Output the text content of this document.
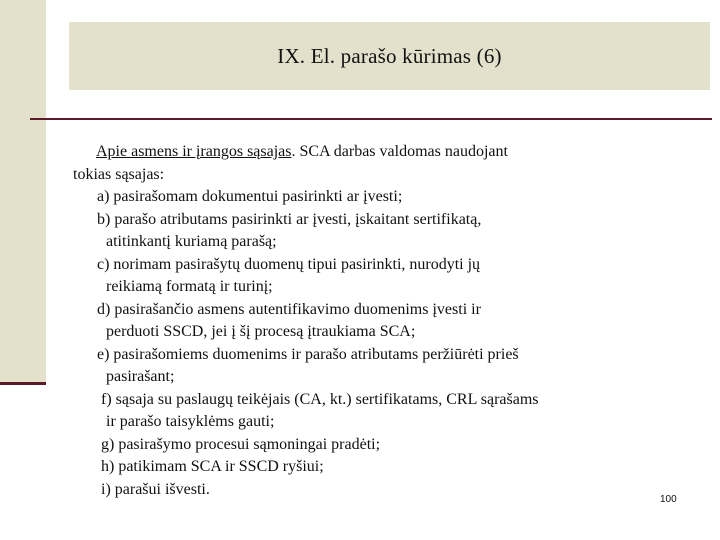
IX. El. parašo kūrimas (6)
Apie asmens ir įrangos sąsajas. SCA darbas valdomas naudojant
tokias sąsajas:
a) pasirašomam dokumentui pasirinkti ar įvesti;
b) parašo atributams pasirinkti ar įvesti, įskaitant sertifikatą,
atitinkantį kuriamą parašą;
c) norimam pasirašytų duomenų tipui pasirinkti, nurodyti jų
reikiamą formatą ir turinį;
d) pasirašančio asmens autentifikavimo duomenims įvesti ir
perduoti SSCD, jei į šį procesą įtraukiama SCA;
e) pasirašomiems duomenims ir parašo atributams peržiūrėti prieš
pasirašant;
f) sąsaja su paslaugų teikėjais (CA, kt.) sertifikatams, CRL sąrašams
ir parašo taisyklėms gauti;
g) pasirašymo procesui sąmoningai pradėti;
h) patikimam SCA ir SSCD ryšiui;
i) parašui išvesti.
100
